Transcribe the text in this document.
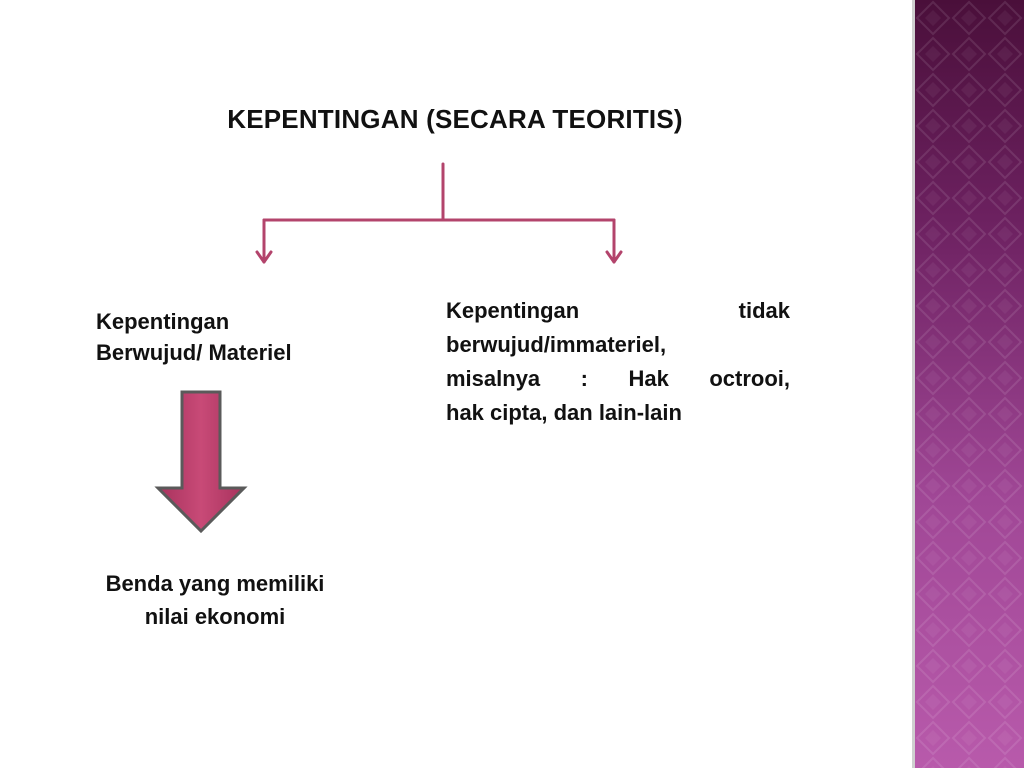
KEPENTINGAN (SECARA TEORITIS)
Kepentingan
Berwujud/ Materiel
Kepentingan tidak
berwujud/immateriel,
misalnya : Hak octrooi,
hak cipta, dan lain-lain
Benda yang memiliki
nilai ekonomi
